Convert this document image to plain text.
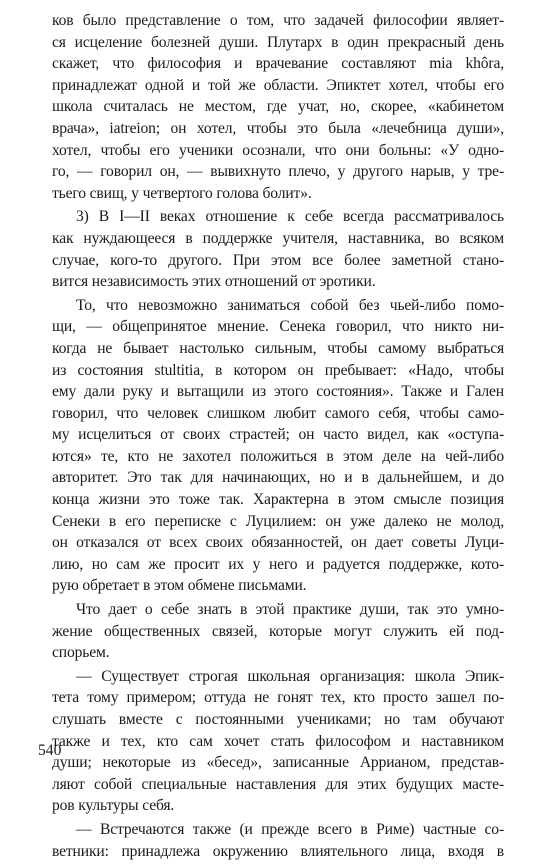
ков было представление о том, что задачей философии являет-
ся исцеление болезней души. Плутарх в один прекрасный день
скажет, что философия и врачевание составляют mia khôra,
принадлежат одной и той же области. Эпиктет хотел, чтобы его
школа считалась не местом, где учат, но, скорее, «кабинетом
врача», iatreion; он хотел, чтобы это была «лечебница души»,
хотел, чтобы его ученики осознали, что они больны: «У одно-
го, — говорил он, — вывихнуто плечо, у другого нарыв, у тре-
тьего свищ, у четвертого голова болит».

3) В I—II веках отношение к себе всегда рассматривалось
как нуждающееся в поддержке учителя, наставника, во всяком
случае, кого-то другого. При этом все более заметной стано-
вится независимость этих отношений от эротики.

То, что невозможно заниматься собой без чьей-либо помо-
щи, — общепринятое мнение. Сенека говорил, что никто ни-
когда не бывает настолько сильным, чтобы самому выбраться
из состояния stultitia, в котором он пребывает: «Надо, чтобы
ему дали руку и вытащили из этого состояния». Также и Гален
говорил, что человек слишком любит самого себя, чтобы само-
му исцелиться от своих страстей; он часто видел, как «оступа-
ются» те, кто не захотел положиться в этом деле на чей-либо
авторитет. Это так для начинающих, но и в дальнейшем, и до
конца жизни это тоже так. Характерна в этом смысле позиция
Сенеки в его переписке с Луцилием: он уже далеко не молод,
он отказался от всех своих обязанностей, он дает советы Луци-
лию, но сам же просит их у него и радуется поддержке, кото-
рую обретает в этом обмене письмами.

Что дает о себе знать в этой практике души, так это умно-
жение общественных связей, которые могут служить ей под-
спорьем.

— Существует строгая школьная организация: школа Эпик-
тета тому примером; оттуда не гонят тех, кто просто зашел по-
слушать вместе с постоянными учениками; но там обучают
также и тех, кто сам хочет стать философом и наставником
души; некоторые из «бесед», записанные Аррианом, представ-
ляют собой специальные наставления для этих будущих масте-
ров культуры себя.

— Встречаются также (и прежде всего в Риме) частные со-
ветники: принадлежа окружению влиятельного лица, входя в

540
